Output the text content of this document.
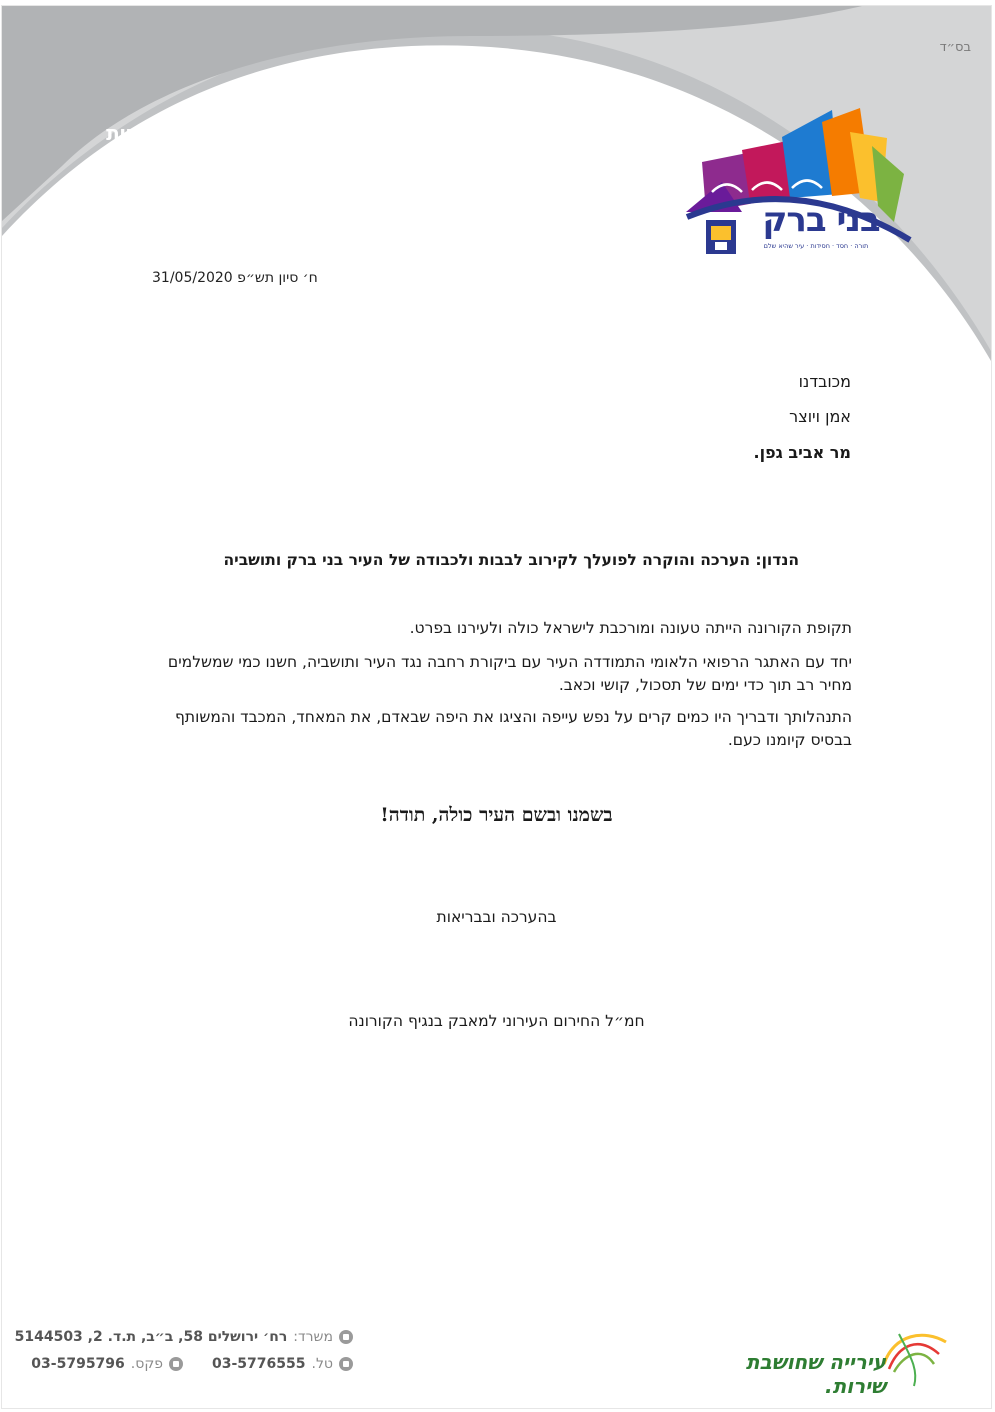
בס״ד
עיריית
בני ברק
בני ברק
תורה · חסד · חסידות · עיר שהיא שלם
ח׳ סיון תש״פ 31/05/2020
מכובדנו
אמן ויוצר
מר אביב גפן.
הנדון: הערכה והוקרה לפועלך לקירוב לבבות ולכבודה של העיר בני ברק ותושביה
תקופת הקורונה הייתה טעונה ומורכבת לישראל כולה ולעירנו בפרט.
יחד עם האתגר הרפואי הלאומי התמודדה העיר עם ביקורת רחבה נגד העיר ותושביה, חשנו כמי שמשלמים מחיר רב תוך כדי ימים של תסכול, קושי וכאב.
התנהלותך ודבריך היו כמים קרים על נפש עייפה והציגו את היפה שבאדם, את המאחד, המכבד והמשותף בבסיס קיומנו כעם.
בשמנו ובשם העיר כולה, תודה!
בהערכה ובבריאות
חמ״ל החירום העירוני למאבק בנגיף הקורונה
משרד:
רח׳ ירושלים 58, ב״ב, ת.ד. 2, 5144503
טל.
03-5776555
פקס.
03-5795796	עירייה שחושבת שירות.
